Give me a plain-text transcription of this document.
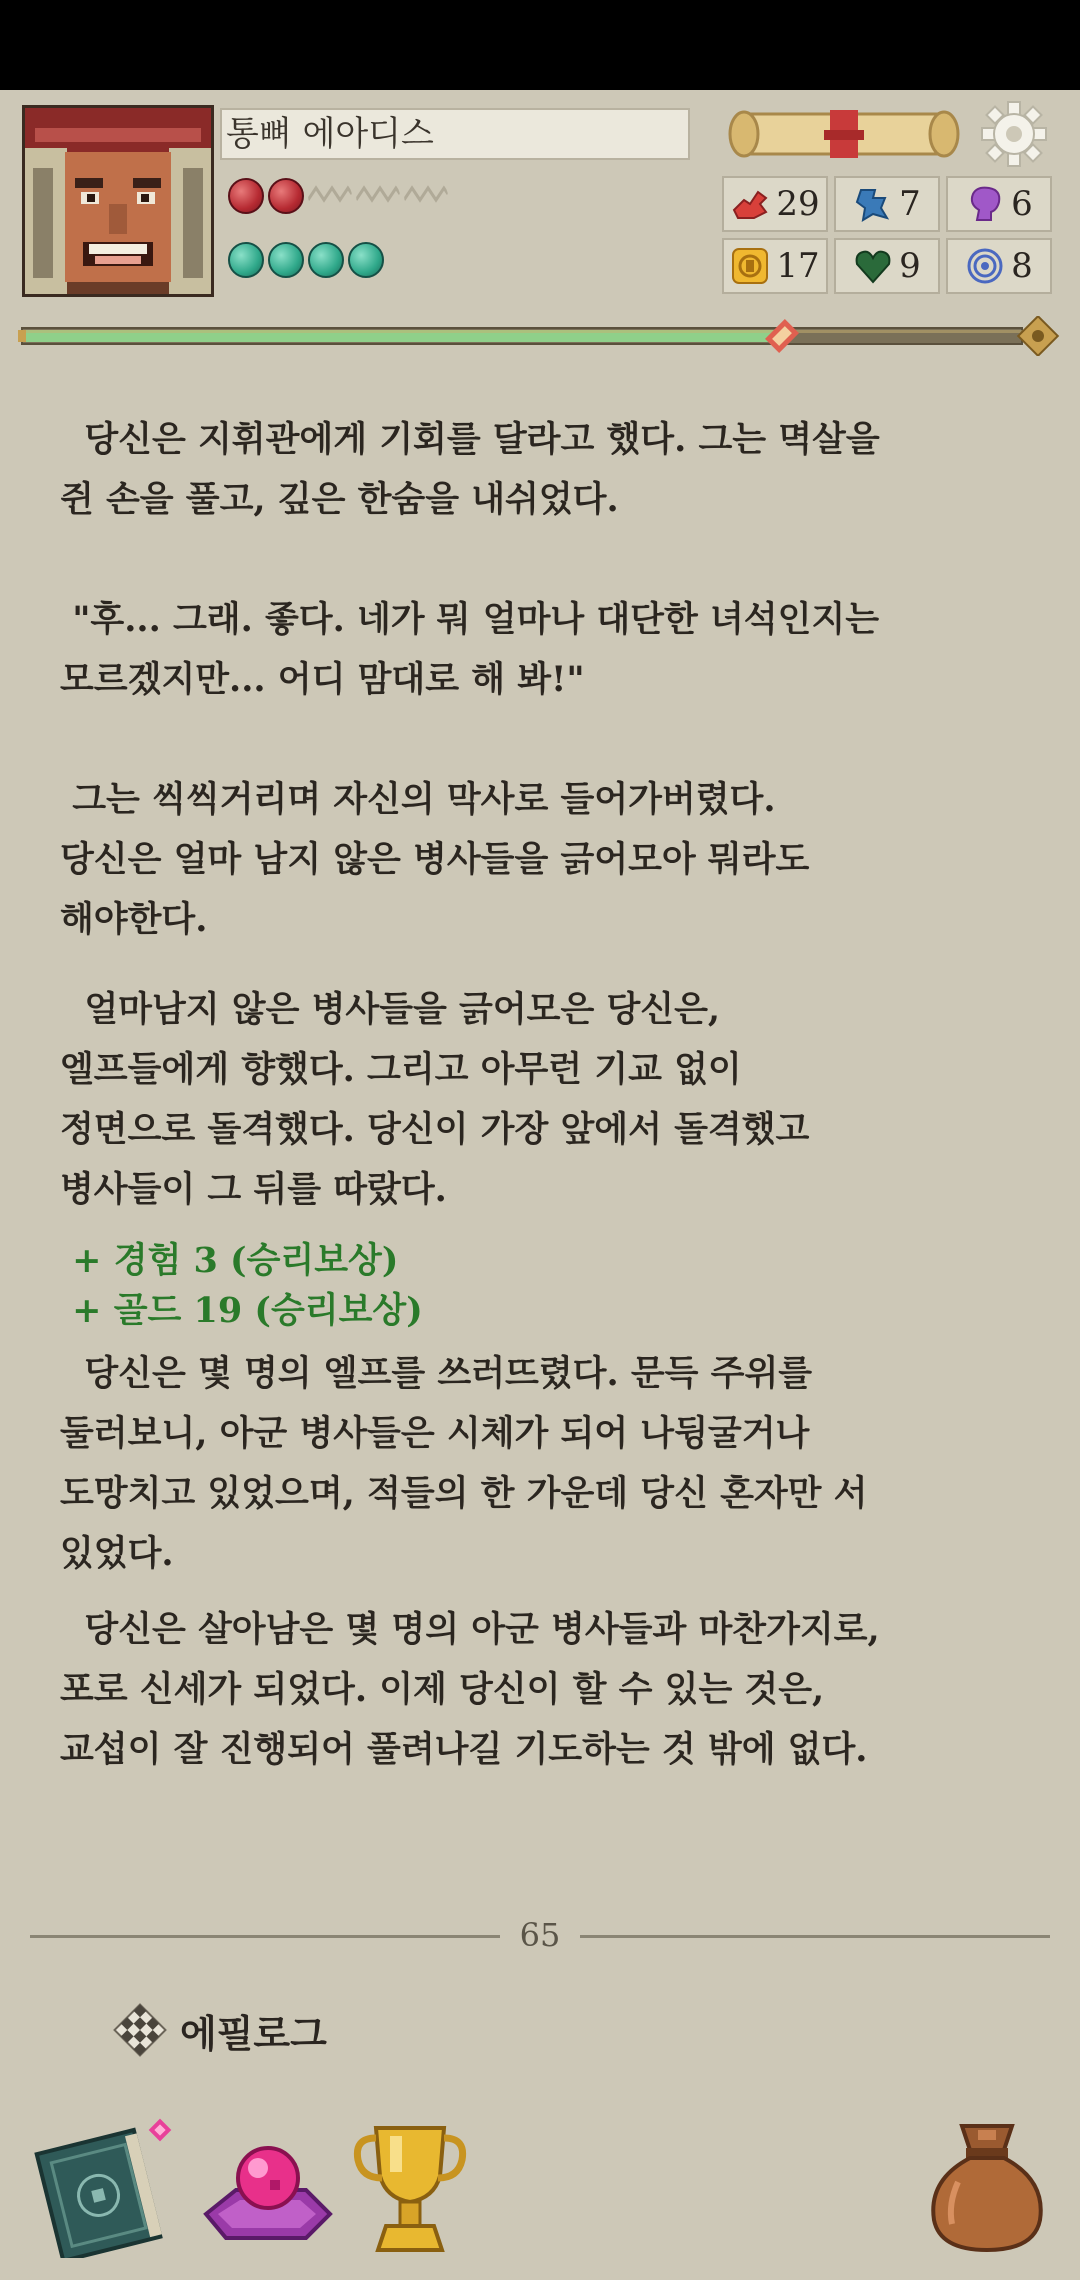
통뼈 에아디스
29 7	6
17 9	8

당신은 지휘관에게 기회를 달라고 했다. 그는 멱살을
쥔 손을 풀고, 깊은 한숨을 내쉬었다.

"후... 그래. 좋다. 네가 뭐 얼마나 대단한 녀석인지는
모르겠지만... 어디 맘대로 해 봐!"

그는 씩씩거리며 자신의 막사로 들어가버렸다.
당신은 얼마 남지 않은 병사들을 긁어모아 뭐라도
해야한다.

얼마남지 않은 병사들을 긁어모은 당신은,
엘프들에게 향했다. 그리고 아무런 기교 없이
정면으로 돌격했다. 당신이 가장 앞에서 돌격했고
병사들이 그 뒤를 따랐다.

+ 경험 3 (승리보상)

+ 골드 19 (승리보상)

당신은 몇 명의 엘프를 쓰러뜨렸다. 문득 주위를
둘러보니, 아군 병사들은 시체가 되어 나뒹굴거나
도망치고 있었으며, 적들의 한 가운데 당신 혼자만 서
있었다.

당신은 살아남은 몇 명의 아군 병사들과 마찬가지로,
포로 신세가 되었다. 이제 당신이 할 수 있는 것은,
교섭이 잘 진행되어 풀려나길 기도하는 것 밖에 없다.

65
에필로그
